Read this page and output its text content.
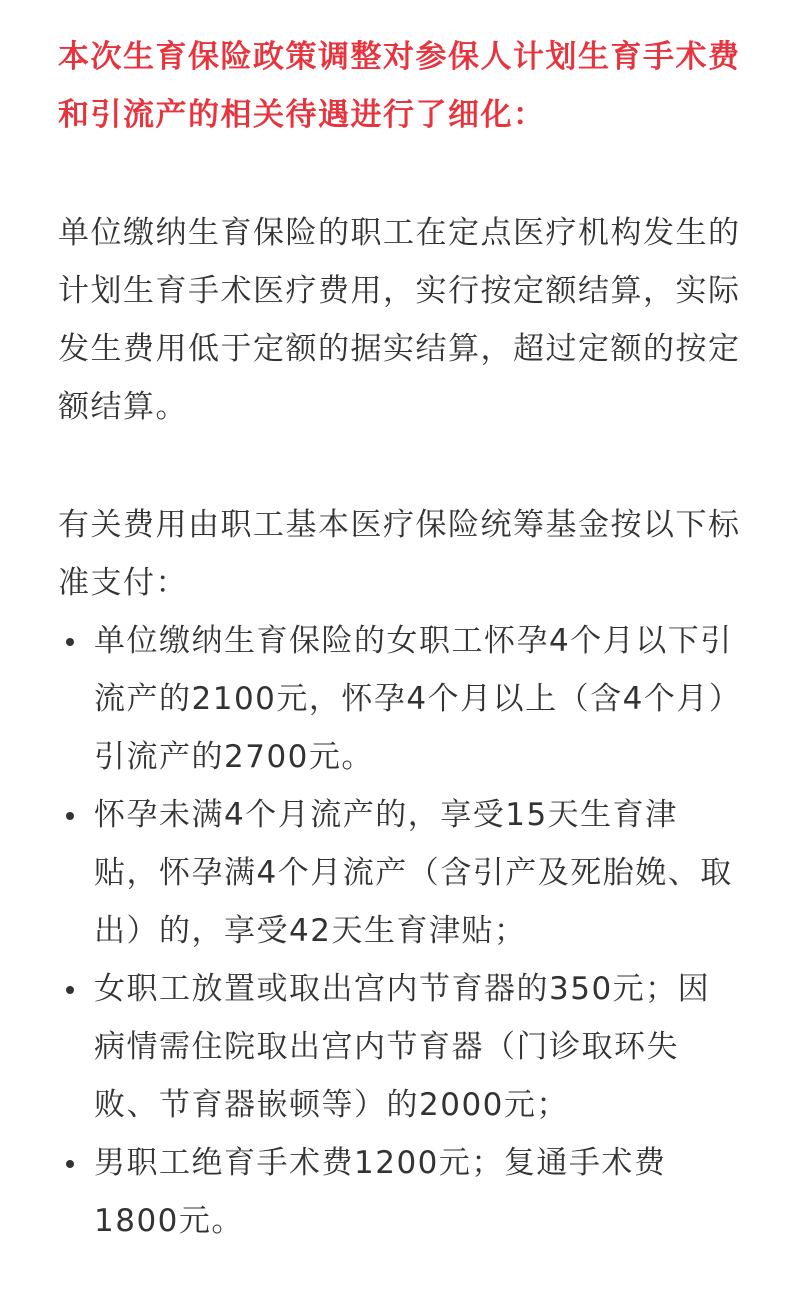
本次生育保险政策调整对参保人计划生育手术费和引流产的相关待遇进行了细化：

单位缴纳生育保险的职工在定点医疗机构发生的计划生育手术医疗费用，实行按定额结算，实际发生费用低于定额的据实结算，超过定额的按定额结算。

有关费用由职工基本医疗保险统筹基金按以下标准支付：

单位缴纳生育保险的女职工怀孕4个月以下引流产的2100元，怀孕4个月以上（含4个月）引流产的2700元。
怀孕未满4个月流产的，享受15天生育津贴，怀孕满4个月流产（含引产及死胎娩、取出）的，享受42天生育津贴；
女职工放置或取出宫内节育器的350元；因病情需住院取出宫内节育器（门诊取环失败、节育器嵌顿等）的2000元；
男职工绝育手术费1200元；复通手术费1800元。
